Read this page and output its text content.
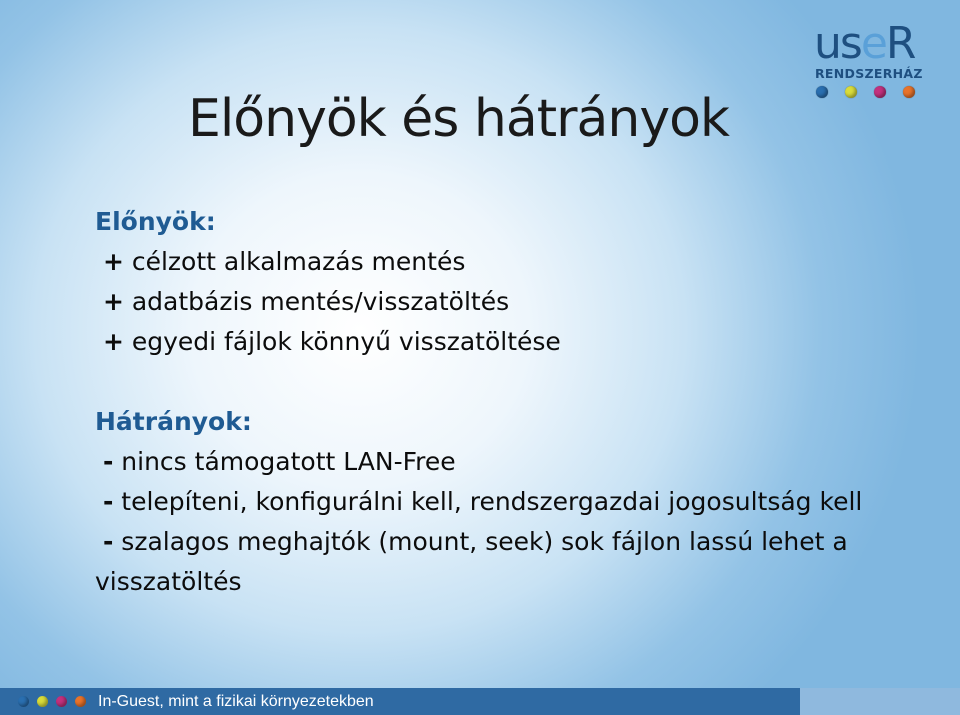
useR
RENDSZERHÁZ
Előnyök és hátrányok
Előnyök:
+ célzott alkalmazás mentés
+ adatbázis mentés/visszatöltés
+ egyedi fájlok könnyű visszatöltése
Hátrányok:
- nincs támogatott LAN-Free
- telepíteni, konfigurálni kell, rendszergazdai jogosultság kell
- szalagos meghajtók (mount, seek) sok fájlon lassú lehet a visszatöltés
In-Guest, mint a fizikai környezetekben
